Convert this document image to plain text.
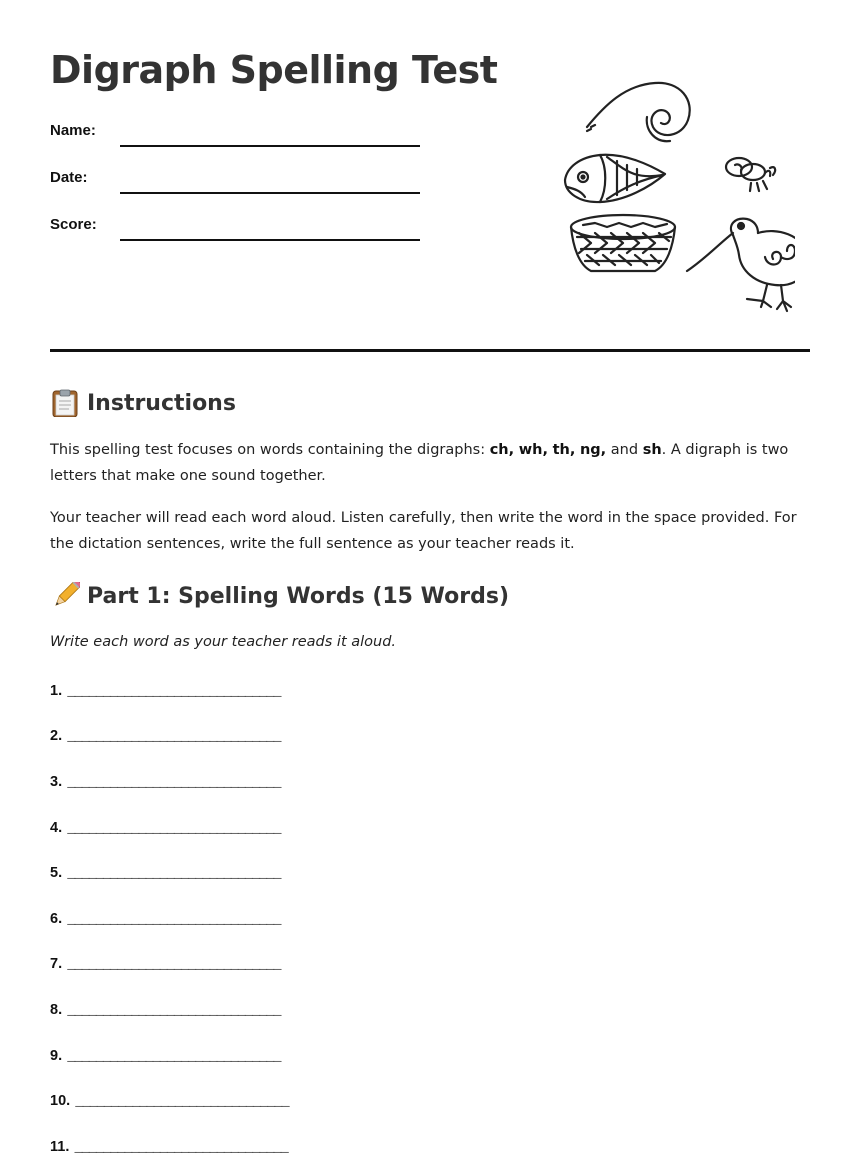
Digraph Spelling Test
Name:
Date:
Score:
Instructions

This spelling test focuses on words containing the digraphs: ch, wh, th, ng, and sh. A digraph is two letters that make one sound together.

Your teacher will read each word aloud. Listen carefully, then write the word in the space provided. For the dictation sentences, write the full sentence as your teacher reads it.

Part 1: Spelling Words (15 Words)

Write each word as your teacher reads it aloud.

1. ______________________________
2. ______________________________
3. ______________________________
4. ______________________________
5. ______________________________
6. ______________________________
7. ______________________________
8. ______________________________
9. ______________________________
10. ______________________________
11. ______________________________
